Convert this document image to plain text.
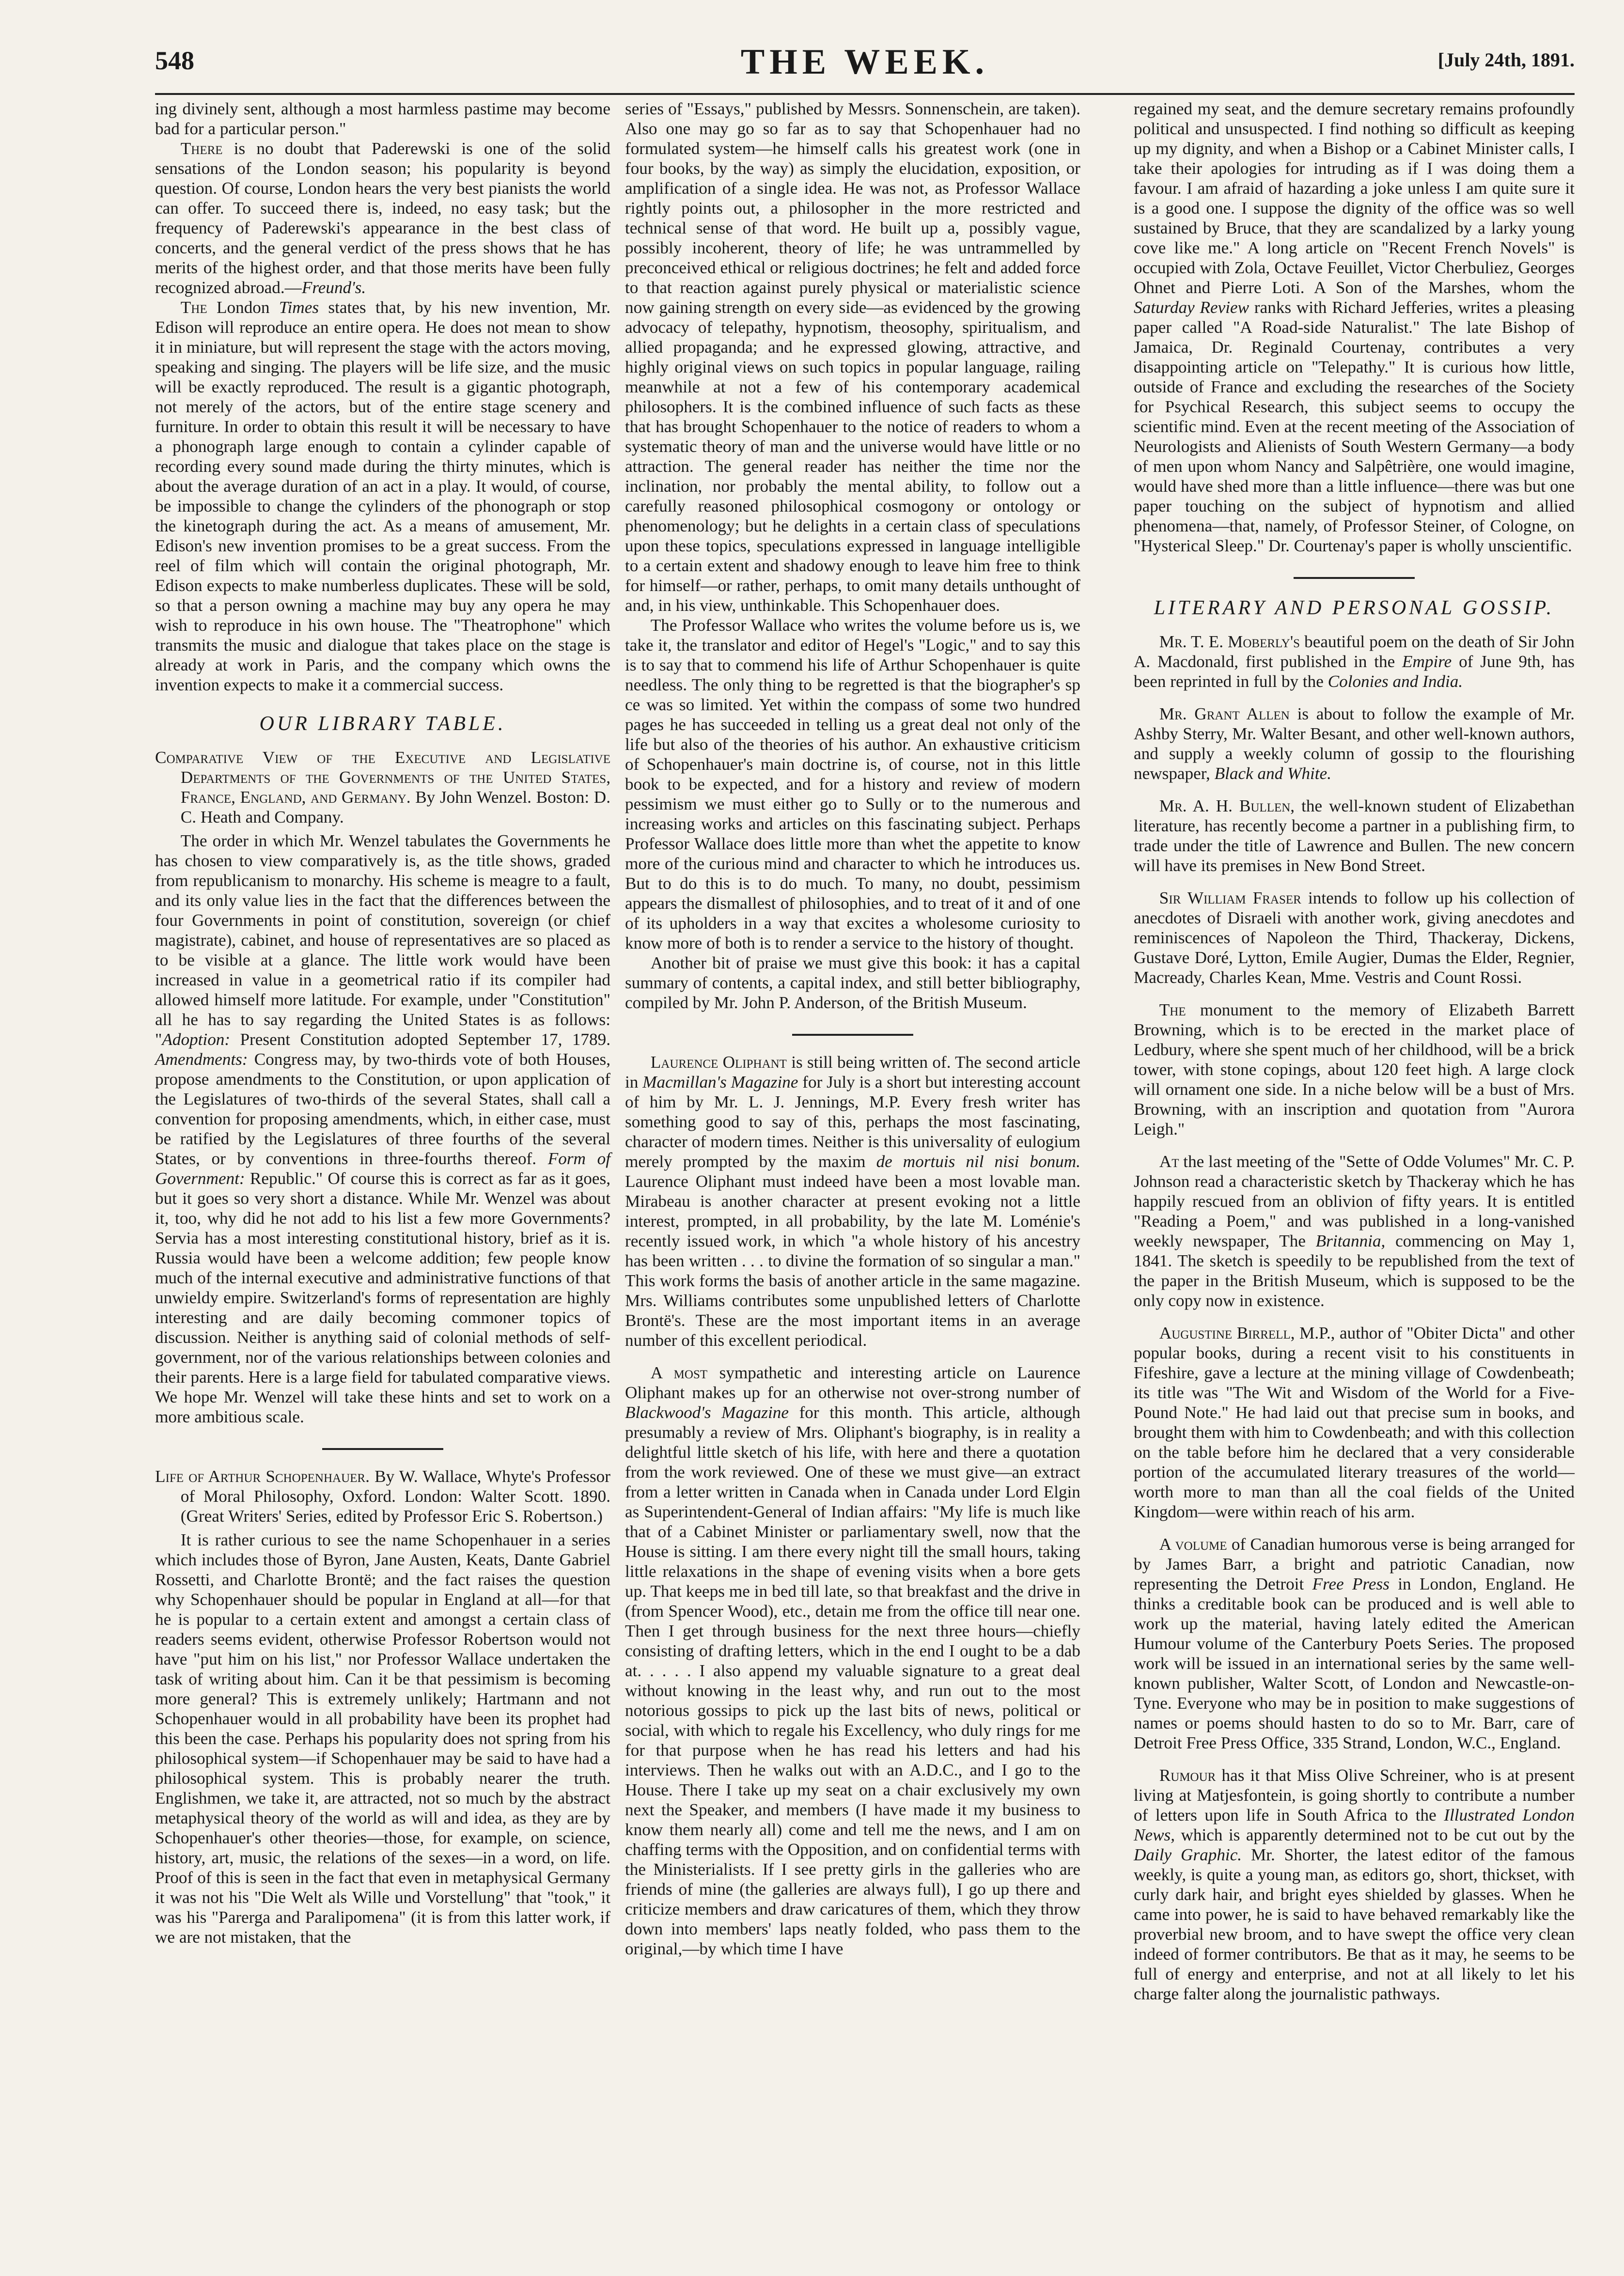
548	THE WEEK.	[July 24th, 1891.

ing divinely sent, although a most harmless pastime may become bad for a particular person."

There is no doubt that Paderewski is one of the solid sensations of the London season; his popularity is beyond question. Of course, London hears the very best pianists the world can offer. To succeed there is, indeed, no easy task; but the frequency of Paderewski's appearance in the best class of concerts, and the general verdict of the press shows that he has merits of the highest order, and that those merits have been fully recognized abroad.—Freund's.

The London Times states that, by his new invention, Mr. Edison will reproduce an entire opera. He does not mean to show it in miniature, but will represent the stage with the actors moving, speaking and singing. The players will be life size, and the music will be exactly reproduced. The result is a gigantic photograph, not merely of the actors, but of the entire stage scenery and furniture. In order to obtain this result it will be necessary to have a phonograph large enough to contain a cylinder capable of recording every sound made during the thirty minutes, which is about the average duration of an act in a play. It would, of course, be impossible to change the cylinders of the phonograph or stop the kinetograph during the act. As a means of amusement, Mr. Edison's new invention promises to be a great success. From the reel of film which will contain the original photograph, Mr. Edison expects to make numberless duplicates. These will be sold, so that a person owning a machine may buy any opera he may wish to reproduce in his own house. The "Theatrophone" which transmits the music and dialogue that takes place on the stage is already at work in Paris, and the company which owns the invention expects to make it a commercial success.

OUR LIBRARY TABLE.

Comparative View of the Executive and Legislative Departments of the Governments of the United States, France, England, and Germany. By John Wenzel. Boston: D. C. Heath and Company.

The order in which Mr. Wenzel tabulates the Governments he has chosen to view comparatively is, as the title shows, graded from republicanism to monarchy. His scheme is meagre to a fault, and its only value lies in the fact that the differences between the four Governments in point of constitution, sovereign (or chief magistrate), cabinet, and house of representatives are so placed as to be visible at a glance. The little work would have been increased in value in a geometrical ratio if its compiler had allowed himself more latitude. For example, under "Constitution" all he has to say regarding the United States is as follows: "Adoption: Present Constitution adopted September 17, 1789. Amendments: Congress may, by two-thirds vote of both Houses, propose amendments to the Constitution, or upon application of the Legislatures of two-thirds of the several States, shall call a convention for proposing amendments, which, in either case, must be ratified by the Legislatures of three fourths of the several States, or by conventions in three-fourths thereof. Form of Government: Republic." Of course this is correct as far as it goes, but it goes so very short a distance. While Mr. Wenzel was about it, too, why did he not add to his list a few more Governments? Servia has a most interesting constitutional history, brief as it is. Russia would have been a welcome addition; few people know much of the internal executive and administrative functions of that unwieldy empire. Switzerland's forms of representation are highly interesting and are daily becoming commoner topics of discussion. Neither is anything said of colonial methods of self-government, nor of the various relationships between colonies and their parents. Here is a large field for tabulated comparative views. We hope Mr. Wenzel will take these hints and set to work on a more ambitious scale.

Life of Arthur Schopenhauer. By W. Wallace, Whyte's Professor of Moral Philosophy, Oxford. London: Walter Scott. 1890. (Great Writers' Series, edited by Professor Eric S. Robertson.)

It is rather curious to see the name Schopenhauer in a series which includes those of Byron, Jane Austen, Keats, Dante Gabriel Rossetti, and Charlotte Brontë; and the fact raises the question why Schopenhauer should be popular in England at all—for that he is popular to a certain extent and amongst a certain class of readers seems evident, otherwise Professor Robertson would not have "put him on his list," nor Professor Wallace undertaken the task of writing about him. Can it be that pessimism is becoming more general? This is extremely unlikely; Hartmann and not Schopenhauer would in all probability have been its prophet had this been the case. Perhaps his popularity does not spring from his philosophical system—if Schopenhauer may be said to have had a philosophical system. This is probably nearer the truth. Englishmen, we take it, are attracted, not so much by the abstract metaphysical theory of the world as will and idea, as they are by Schopenhauer's other theories—those, for example, on science, history, art, music, the relations of the sexes—in a word, on life. Proof of this is seen in the fact that even in metaphysical Germany it was not his "Die Welt als Wille und Vorstellung" that "took," it was his "Parerga and Paralipomena" (it is from this latter work, if we are not mistaken, that the

series of "Essays," published by Messrs. Sonnenschein, are taken). Also one may go so far as to say that Schopenhauer had no formulated system—he himself calls his greatest work (one in four books, by the way) as simply the elucidation, exposition, or amplification of a single idea. He was not, as Professor Wallace rightly points out, a philosopher in the more restricted and technical sense of that word. He built up a, possibly vague, possibly incoherent, theory of life; he was untrammelled by preconceived ethical or religious doctrines; he felt and added force to that reaction against purely physical or materialistic science now gaining strength on every side—as evidenced by the growing advocacy of telepathy, hypnotism, theosophy, spiritualism, and allied propaganda; and he expressed glowing, attractive, and highly original views on such topics in popular language, railing meanwhile at not a few of his contemporary academical philosophers. It is the combined influence of such facts as these that has brought Schopenhauer to the notice of readers to whom a systematic theory of man and the universe would have little or no attraction. The general reader has neither the time nor the inclination, nor probably the mental ability, to follow out a carefully reasoned philosophical cosmogony or ontology or phenomenology; but he delights in a certain class of speculations upon these topics, speculations expressed in language intelligible to a certain extent and shadowy enough to leave him free to think for himself—or rather, perhaps, to omit many details unthought of and, in his view, unthinkable. This Schopenhauer does.

The Professor Wallace who writes the volume before us is, we take it, the translator and editor of Hegel's "Logic," and to say this is to say that to commend his life of Arthur Schopenhauer is quite needless. The only thing to be regretted is that the biographer's sp ce was so limited. Yet within the compass of some two hundred pages he has succeeded in telling us a great deal not only of the life but also of the theories of his author. An exhaustive criticism of Schopenhauer's main doctrine is, of course, not in this little book to be expected, and for a history and review of modern pessimism we must either go to Sully or to the numerous and increasing works and articles on this fascinating subject. Perhaps Professor Wallace does little more than whet the appetite to know more of the curious mind and character to which he introduces us. But to do this is to do much. To many, no doubt, pessimism appears the dismallest of philosophies, and to treat of it and of one of its upholders in a way that excites a wholesome curiosity to know more of both is to render a service to the history of thought.

Another bit of praise we must give this book: it has a capital summary of contents, a capital index, and still better bibliography, compiled by Mr. John P. Anderson, of the British Museum.

Laurence Oliphant is still being written of. The second article in Macmillan's Magazine for July is a short but interesting account of him by Mr. L. J. Jennings, M.P. Every fresh writer has something good to say of this, perhaps the most fascinating, character of modern times. Neither is this universality of eulogium merely prompted by the maxim de mortuis nil nisi bonum. Laurence Oliphant must indeed have been a most lovable man. Mirabeau is another character at present evoking not a little interest, prompted, in all probability, by the late M. Loménie's recently issued work, in which "a whole history of his ancestry has been written . . . to divine the formation of so singular a man." This work forms the basis of another article in the same magazine. Mrs. Williams contributes some unpublished letters of Charlotte Brontë's. These are the most important items in an average number of this excellent periodical.

A most sympathetic and interesting article on Laurence Oliphant makes up for an otherwise not over-strong number of Blackwood's Magazine for this month. This article, although presumably a review of Mrs. Oliphant's biography, is in reality a delightful little sketch of his life, with here and there a quotation from the work reviewed. One of these we must give—an extract from a letter written in Canada when in Canada under Lord Elgin as Superintendent-General of Indian affairs: "My life is much like that of a Cabinet Minister or parliamentary swell, now that the House is sitting. I am there every night till the small hours, taking little relaxations in the shape of evening visits when a bore gets up. That keeps me in bed till late, so that breakfast and the drive in (from Spencer Wood), etc., detain me from the office till near one. Then I get through business for the next three hours—chiefly consisting of drafting letters, which in the end I ought to be a dab at. . . . . I also append my valuable signature to a great deal without knowing in the least why, and run out to the most notorious gossips to pick up the last bits of news, political or social, with which to regale his Excellency, who duly rings for me for that purpose when he has read his letters and had his interviews. Then he walks out with an A.D.C., and I go to the House. There I take up my seat on a chair exclusively my own next the Speaker, and members (I have made it my business to know them nearly all) come and tell me the news, and I am on chaffing terms with the Opposition, and on confidential terms with the Ministerialists. If I see pretty girls in the galleries who are friends of mine (the galleries are always full), I go up there and criticize members and draw caricatures of them, which they throw down into members' laps neatly folded, who pass them to the original,—by which time I have

regained my seat, and the demure secretary remains profoundly political and unsuspected. I find nothing so difficult as keeping up my dignity, and when a Bishop or a Cabinet Minister calls, I take their apologies for intruding as if I was doing them a favour. I am afraid of hazarding a joke unless I am quite sure it is a good one. I suppose the dignity of the office was so well sustained by Bruce, that they are scandalized by a larky young cove like me." A long article on "Recent French Novels" is occupied with Zola, Octave Feuillet, Victor Cherbuliez, Georges Ohnet and Pierre Loti. A Son of the Marshes, whom the Saturday Review ranks with Richard Jefferies, writes a pleasing paper called "A Road-side Naturalist." The late Bishop of Jamaica, Dr. Reginald Courtenay, contributes a very disappointing article on "Telepathy." It is curious how little, outside of France and excluding the researches of the Society for Psychical Research, this subject seems to occupy the scientific mind. Even at the recent meeting of the Association of Neurologists and Alienists of South Western Germany—a body of men upon whom Nancy and Salpêtrière, one would imagine, would have shed more than a little influence—there was but one paper touching on the subject of hypnotism and allied phenomena—that, namely, of Professor Steiner, of Cologne, on "Hysterical Sleep." Dr. Courtenay's paper is wholly unscientific.

LITERARY AND PERSONAL GOSSIP.

Mr. T. E. Moberly's beautiful poem on the death of Sir John A. Macdonald, first published in the Empire of June 9th, has been reprinted in full by the Colonies and India.

Mr. Grant Allen is about to follow the example of Mr. Ashby Sterry, Mr. Walter Besant, and other well-known authors, and supply a weekly column of gossip to the flourishing newspaper, Black and White.

Mr. A. H. Bullen, the well-known student of Elizabethan literature, has recently become a partner in a publishing firm, to trade under the title of Lawrence and Bullen. The new concern will have its premises in New Bond Street.

Sir William Fraser intends to follow up his collection of anecdotes of Disraeli with another work, giving anecdotes and reminiscences of Napoleon the Third, Thackeray, Dickens, Gustave Doré, Lytton, Emile Augier, Dumas the Elder, Regnier, Macready, Charles Kean, Mme. Vestris and Count Rossi.

The monument to the memory of Elizabeth Barrett Browning, which is to be erected in the market place of Ledbury, where she spent much of her childhood, will be a brick tower, with stone copings, about 120 feet high. A large clock will ornament one side. In a niche below will be a bust of Mrs. Browning, with an inscription and quotation from "Aurora Leigh."

At the last meeting of the "Sette of Odde Volumes" Mr. C. P. Johnson read a characteristic sketch by Thackeray which he has happily rescued from an oblivion of fifty years. It is entitled "Reading a Poem," and was published in a long-vanished weekly newspaper, The Britannia, commencing on May 1, 1841. The sketch is speedily to be republished from the text of the paper in the British Museum, which is supposed to be the only copy now in existence.

Augustine Birrell, M.P., author of "Obiter Dicta" and other popular books, during a recent visit to his constituents in Fifeshire, gave a lecture at the mining village of Cowdenbeath; its title was "The Wit and Wisdom of the World for a Five-Pound Note." He had laid out that precise sum in books, and brought them with him to Cowdenbeath; and with this collection on the table before him he declared that a very considerable portion of the accumulated literary treasures of the world—worth more to man than all the coal fields of the United Kingdom—were within reach of his arm.

A volume of Canadian humorous verse is being arranged for by James Barr, a bright and patriotic Canadian, now representing the Detroit Free Press in London, England. He thinks a creditable book can be produced and is well able to work up the material, having lately edited the American Humour volume of the Canterbury Poets Series. The proposed work will be issued in an international series by the same well-known publisher, Walter Scott, of London and Newcastle-on-Tyne. Everyone who may be in position to make suggestions of names or poems should hasten to do so to Mr. Barr, care of Detroit Free Press Office, 335 Strand, London, W.C., England.

Rumour has it that Miss Olive Schreiner, who is at present living at Matjesfontein, is going shortly to contribute a number of letters upon life in South Africa to the Illustrated London News, which is apparently determined not to be cut out by the Daily Graphic. Mr. Shorter, the latest editor of the famous weekly, is quite a young man, as editors go, short, thickset, with curly dark hair, and bright eyes shielded by glasses. When he came into power, he is said to have behaved remarkably like the proverbial new broom, and to have swept the office very clean indeed of former contributors. Be that as it may, he seems to be full of energy and enterprise, and not at all likely to let his charge falter along the journalistic pathways.
